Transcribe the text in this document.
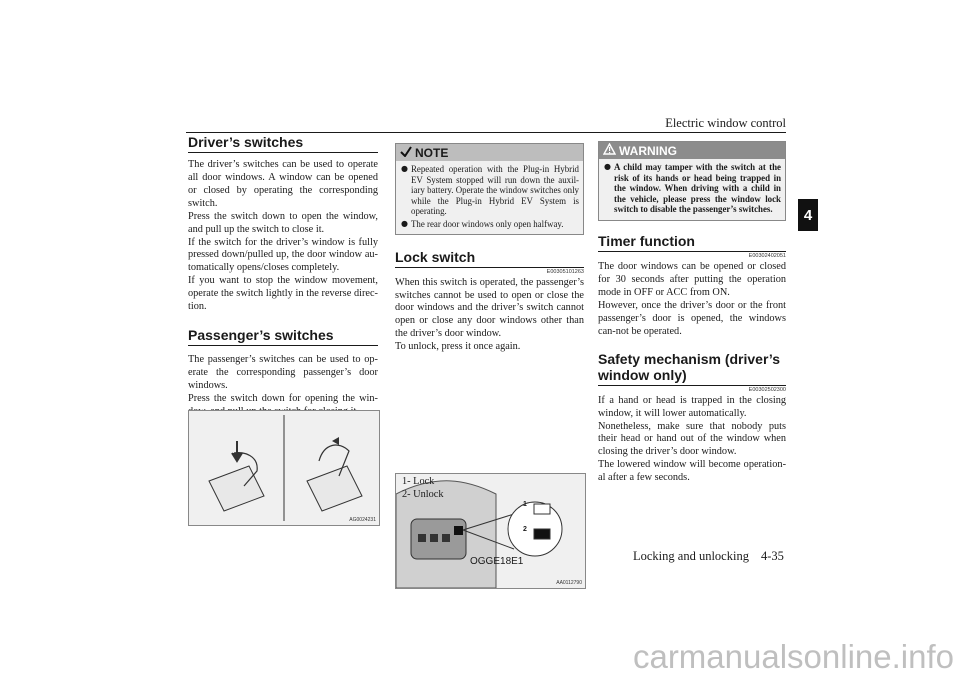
Electric window control
4
Driver’s switches

The driver’s switches can be used to operate all door windows. A window can be opened or closed by operating the corresponding switch.
Press the switch down to open the window, and pull up the switch to close it.
If the switch for the driver’s window is fully pressed down/pulled up, the door window au-tomatically opens/closes completely.
If you want to stop the window movement, operate the switch lightly in the reverse direc-tion.

Passenger’s switches

The passenger’s switches can be used to op-erate the corresponding passenger’s door windows.
Press the switch down for opening the win-

AG0024231
NOTE
● Repeated operation with the Plug-in Hybrid EV System stopped will run down the auxil-iary battery. Operate the window switches only while the Plug-in Hybrid EV System is operating.
● The rear door windows only open halfway.
Lock switch
E00305101263

When this switch is operated, the passenger’s switches cannot be used to open or close the door windows and the driver’s switch cannot open or close any door windows other than the driver’s door window.
To unlock, press it once again.

1
2
AA0112790
1- Lock
2- Unlock
WARNING
● A child may tamper with the switch at the risk of its hands or head being trapped in the window. When driving with a child in the vehicle, please press the window lock switch to disable the passenger’s switches.
Timer function
E00302402051

The door windows can be opened or closed for 30 seconds after putting the operation mode in OFF or ACC from ON.
However, once the driver’s door or the front passenger’s door is opened, the windows can-not be operated.

Safety mechanism (driver’s window only)
E00302502300

If a hand or head is trapped in the closing window, it will lower automatically.
Nonetheless, make sure that nobody puts their head or hand out of the window when closing the driver’s door window.
The lowered window will become operation-al after a few seconds.

OGGE18E1	Locking and unlocking 4-35
carmanualsonline.info
